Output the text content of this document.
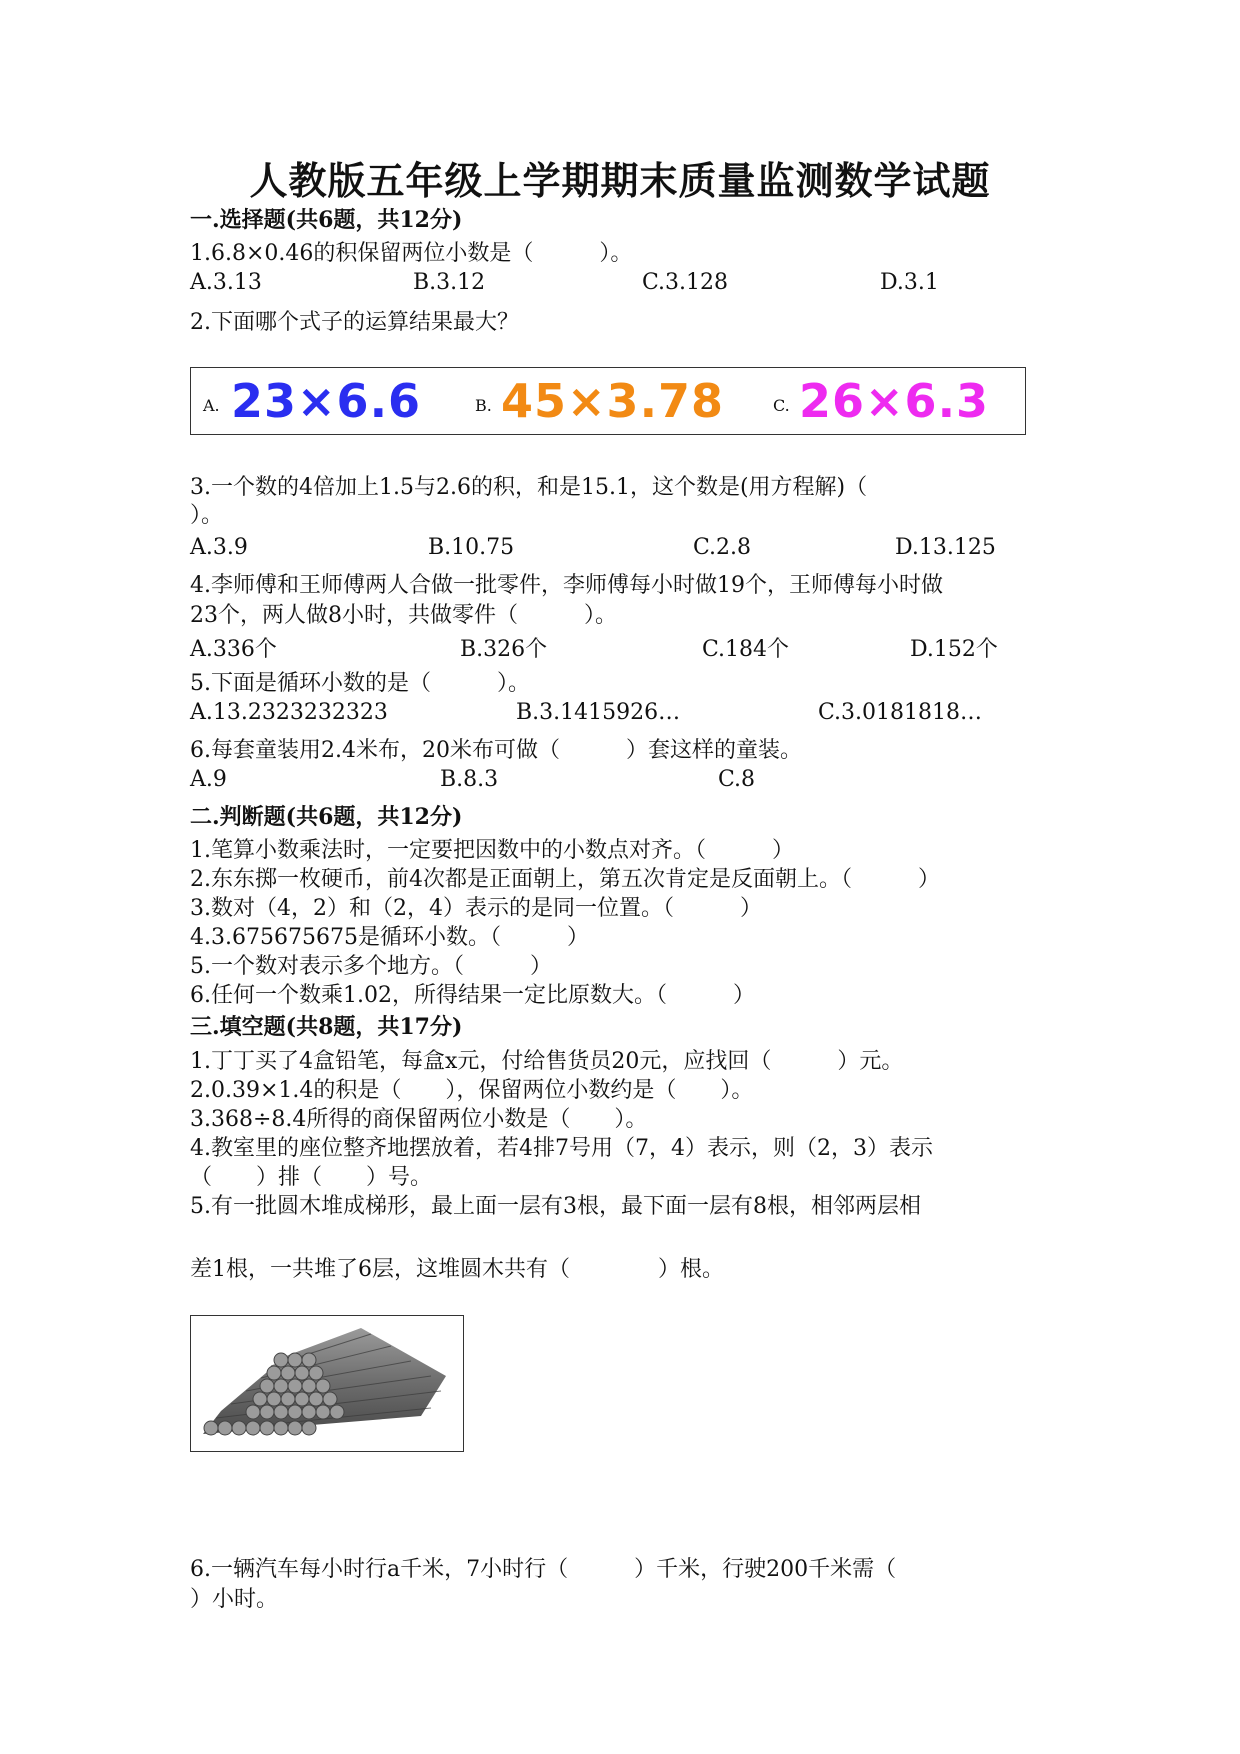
人教版五年级上学期期末质量监测数学试题
一.选择题(共6题，共12分)
1.6.8×0.46的积保留两位小数是（　　　）。
A.3.13	B.3.12	C.3.128	D.3.1
2.下面哪个式子的运算结果最大？
A. 23×6.6	B. 45×3.78	C. 26×6.3
3.一个数的4倍加上1.5与2.6的积，和是15.1，这个数是(用方程解)（
）。
A.3.9	B.10.75	C.2.8	D.13.125
4.李师傅和王师傅两人合做一批零件，李师傅每小时做19个，王师傅每小时做
23个，两人做8小时，共做零件（　　　）。
A.336个	B.326个	C.184个	D.152个
5.下面是循环小数的是（　　　）。
A.13.2323232323	B.3.1415926…	C.3.0181818…
6.每套童装用2.4米布，20米布可做（　　　）套这样的童装。
A.9	B.8.3	C.8
二.判断题(共6题，共12分)
1.笔算小数乘法时，一定要把因数中的小数点对齐。（　　　）
2.东东掷一枚硬币，前4次都是正面朝上，第五次肯定是反面朝上。（　　　）
3.数对（4，2）和（2，4）表示的是同一位置。（　　　）
4.3.675675675是循环小数。（　　　）
5.一个数对表示多个地方。（　　　）
6.任何一个数乘1.02，所得结果一定比原数大。（　　　）
三.填空题(共8题，共17分)
1.丁丁买了4盒铅笔，每盒x元，付给售货员20元，应找回（　　　）元。
2.0.39×1.4的积是（　　），保留两位小数约是（　　）。
3.368÷8.4所得的商保留两位小数是（　　）。
4.教室里的座位整齐地摆放着，若4排7号用（7，4）表示，则（2，3）表示
（　　）排（　　）号。
5.有一批圆木堆成梯形，最上面一层有3根，最下面一层有8根，相邻两层相
差1根，一共堆了6层，这堆圆木共有（　　　　）根。
6.一辆汽车每小时行a千米，7小时行（　　　）千米，行驶200千米需（
）小时。
